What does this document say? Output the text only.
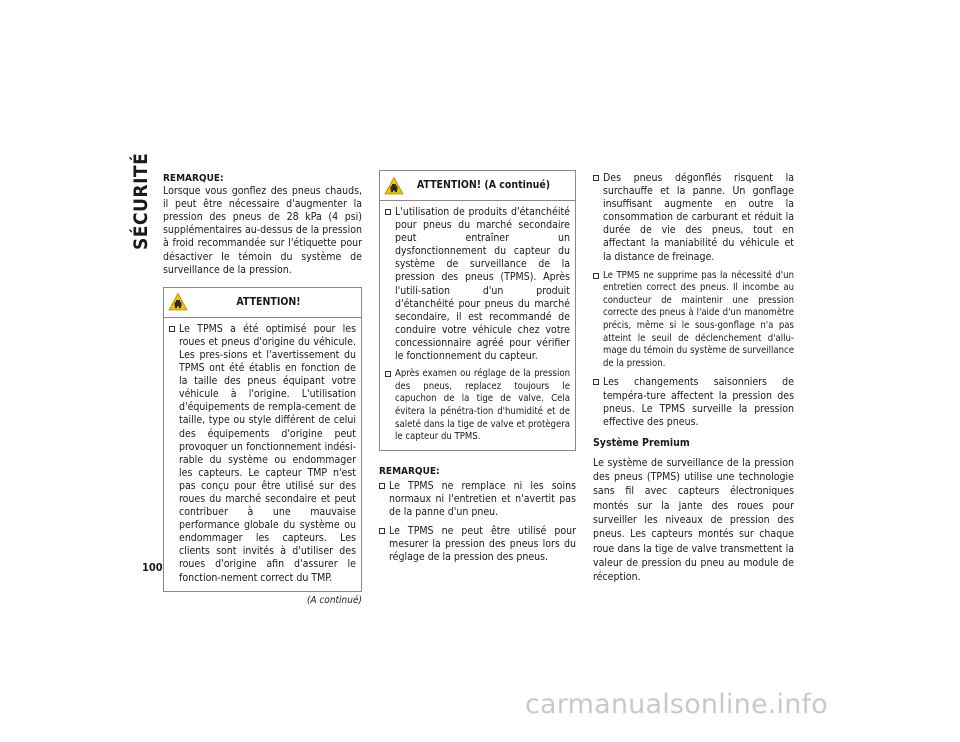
SÉCURITÉ REMARQUE:

Lorsque vous gonflez des pneus chauds, il peut être nécessaire d'augmenter la pression des pneus de 28 kPa (4 psi) supplémentaires au-dessus de la pression à froid recommandée sur l'étiquette pour désactiver le témoin du système de surveillance de la pression.

ATTENTION!
Le TPMS a été optimisé pour les roues et pneus d'origine du véhicule. Les pres-sions et l'avertissement du TPMS ont été établis en fonction de la taille des pneus équipant votre véhicule à l'origine. L'utilisation d'équipements de rempla-cement de taille, type ou style différent de celui des équipements d'origine peut provoquer un fonctionnement indési-rable du système ou endommager les capteurs. Le capteur TMP n'est pas conçu pour être utilisé sur des roues du marché secondaire et peut contribuer à une mauvaise performance globale du système ou endommager les capteurs. Les clients sont invités à d'utiliser des roues d'origine afin d'assurer le fonction-nement correct du TMP.
(A continué)
ATTENTION! (A continué)
L'utilisation de produits d'étanchéité pour pneus du marché secondaire peut entraîner un dysfonctionnement du capteur du système de surveillance de la pression des pneus (TPMS). Après l'utili-sation d'un produit d'étanchéité pour pneus du marché secondaire, il est recommandé de conduire votre véhicule chez votre concessionnaire agréé pour vérifier le fonctionnement du capteur.
Après examen ou réglage de la pression des pneus, replacez toujours le capuchon de la tige de valve. Cela évitera la pénétra-tion d'humidité et de saleté dans la tige de valve et protègera le capteur du TPMS.
REMARQUE:
Le TPMS ne remplace ni les soins normaux ni l'entretien et n'avertit pas de la panne d'un pneu.
Le TPMS ne peut être utilisé pour mesurer la pression des pneus lors du réglage de la pression des pneus.
Des pneus dégonflés risquent la surchauffe et la panne. Un gonflage insuffisant augmente en outre la consommation de carburant et réduit la durée de vie des pneus, tout en affectant la maniabilité du véhicule et la distance de freinage.
Le TPMS ne supprime pas la nécessité d'un entretien correct des pneus. Il incombe au conducteur de maintenir une pression correcte des pneus à l'aide d'un manomètre précis, même si le sous-gonflage n'a pas atteint le seuil de déclenchement d'allu-mage du témoin du système de surveillance de la pression.
Les changements saisonniers de tempéra-ture affectent la pression des pneus. Le TPMS surveille la pression effective des pneus.
Système Premium

Le système de surveillance de la pression des pneus (TPMS) utilise une technologie sans fil avec capteurs électroniques montés sur la jante des roues pour surveiller les niveaux de pression des pneus. Les capteurs montés sur chaque roue dans la tige de valve transmettent la valeur de pression du pneu au module de réception.

100
carmanualsonline.info
